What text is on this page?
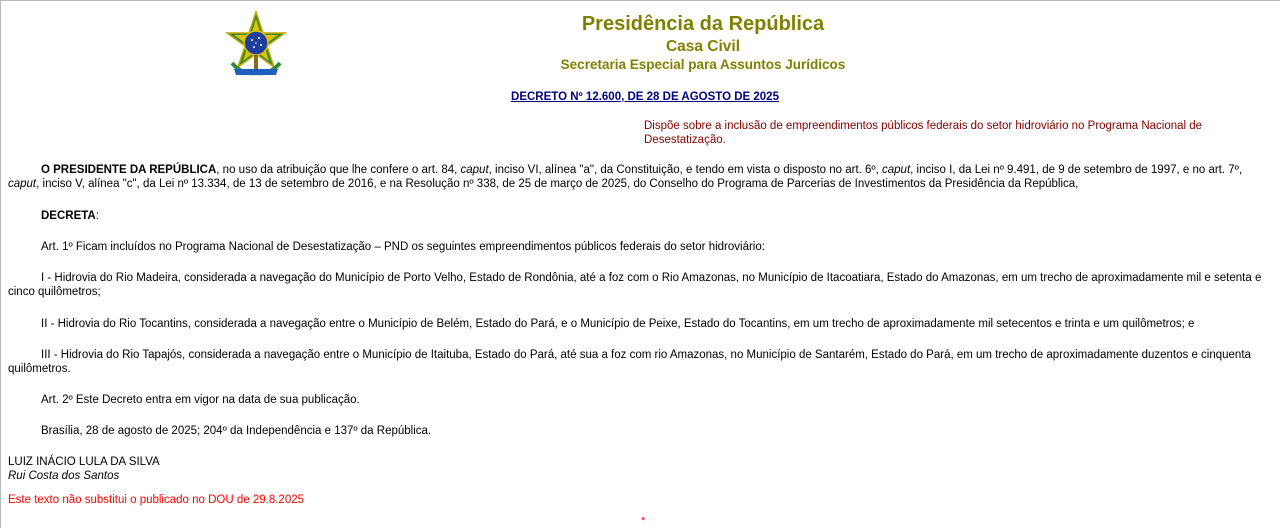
Presidência da República
Casa Civil
Secretaria Especial para Assuntos Jurídicos
DECRETO Nº 12.600, DE 28 DE AGOSTO DE 2025
Dispõe sobre a inclusão de empreendimentos públicos federais do setor hidroviário no Programa Nacional de
Desestatização.
O PRESIDENTE DA REPÚBLICA, no uso da atribuição que lhe confere o art. 84, caput, inciso VI, alínea "a", da Constituição, e tendo em vista o disposto no art. 6º, caput, inciso I, da Lei nº 9.491, de 9 de setembro de 1997, e no art. 7º,
caput, inciso V, alínea "c", da Lei nº 13.334, de 13 de setembro de 2016, e na Resolução nº 338, de 25 de março de 2025, do Conselho do Programa de Parcerias de Investimentos da Presidência da República,
DECRETA:
Art. 1º Ficam incluídos no Programa Nacional de Desestatização – PND os seguintes empreendimentos públicos federais do setor hidroviário:
I - Hidrovia do Rio Madeira, considerada a navegação do Município de Porto Velho, Estado de Rondônia, até a foz com o Rio Amazonas, no Município de Itacoatiara, Estado do Amazonas, em um trecho de aproximadamente mil e setenta e
cinco quilômetros;
II - Hidrovia do Rio Tocantins, considerada a navegação entre o Município de Belém, Estado do Pará, e o Município de Peixe, Estado do Tocantins, em um trecho de aproximadamente mil setecentos e trinta e um quilômetros; e
III - Hidrovia do Rio Tapajós, considerada a navegação entre o Município de Itaituba, Estado do Pará, até sua a foz com rio Amazonas, no Município de Santarém, Estado do Pará, em um trecho de aproximadamente duzentos e cinquenta
quilômetros.
Art. 2º Este Decreto entra em vigor na data de sua publicação.
Brasília, 28 de agosto de 2025; 204º da Independência e 137º da República.
LUIZ INÁCIO LULA DA SILVA
Rui Costa dos Santos
Este texto não substitui o publicado no DOU de 29.8.2025
*
